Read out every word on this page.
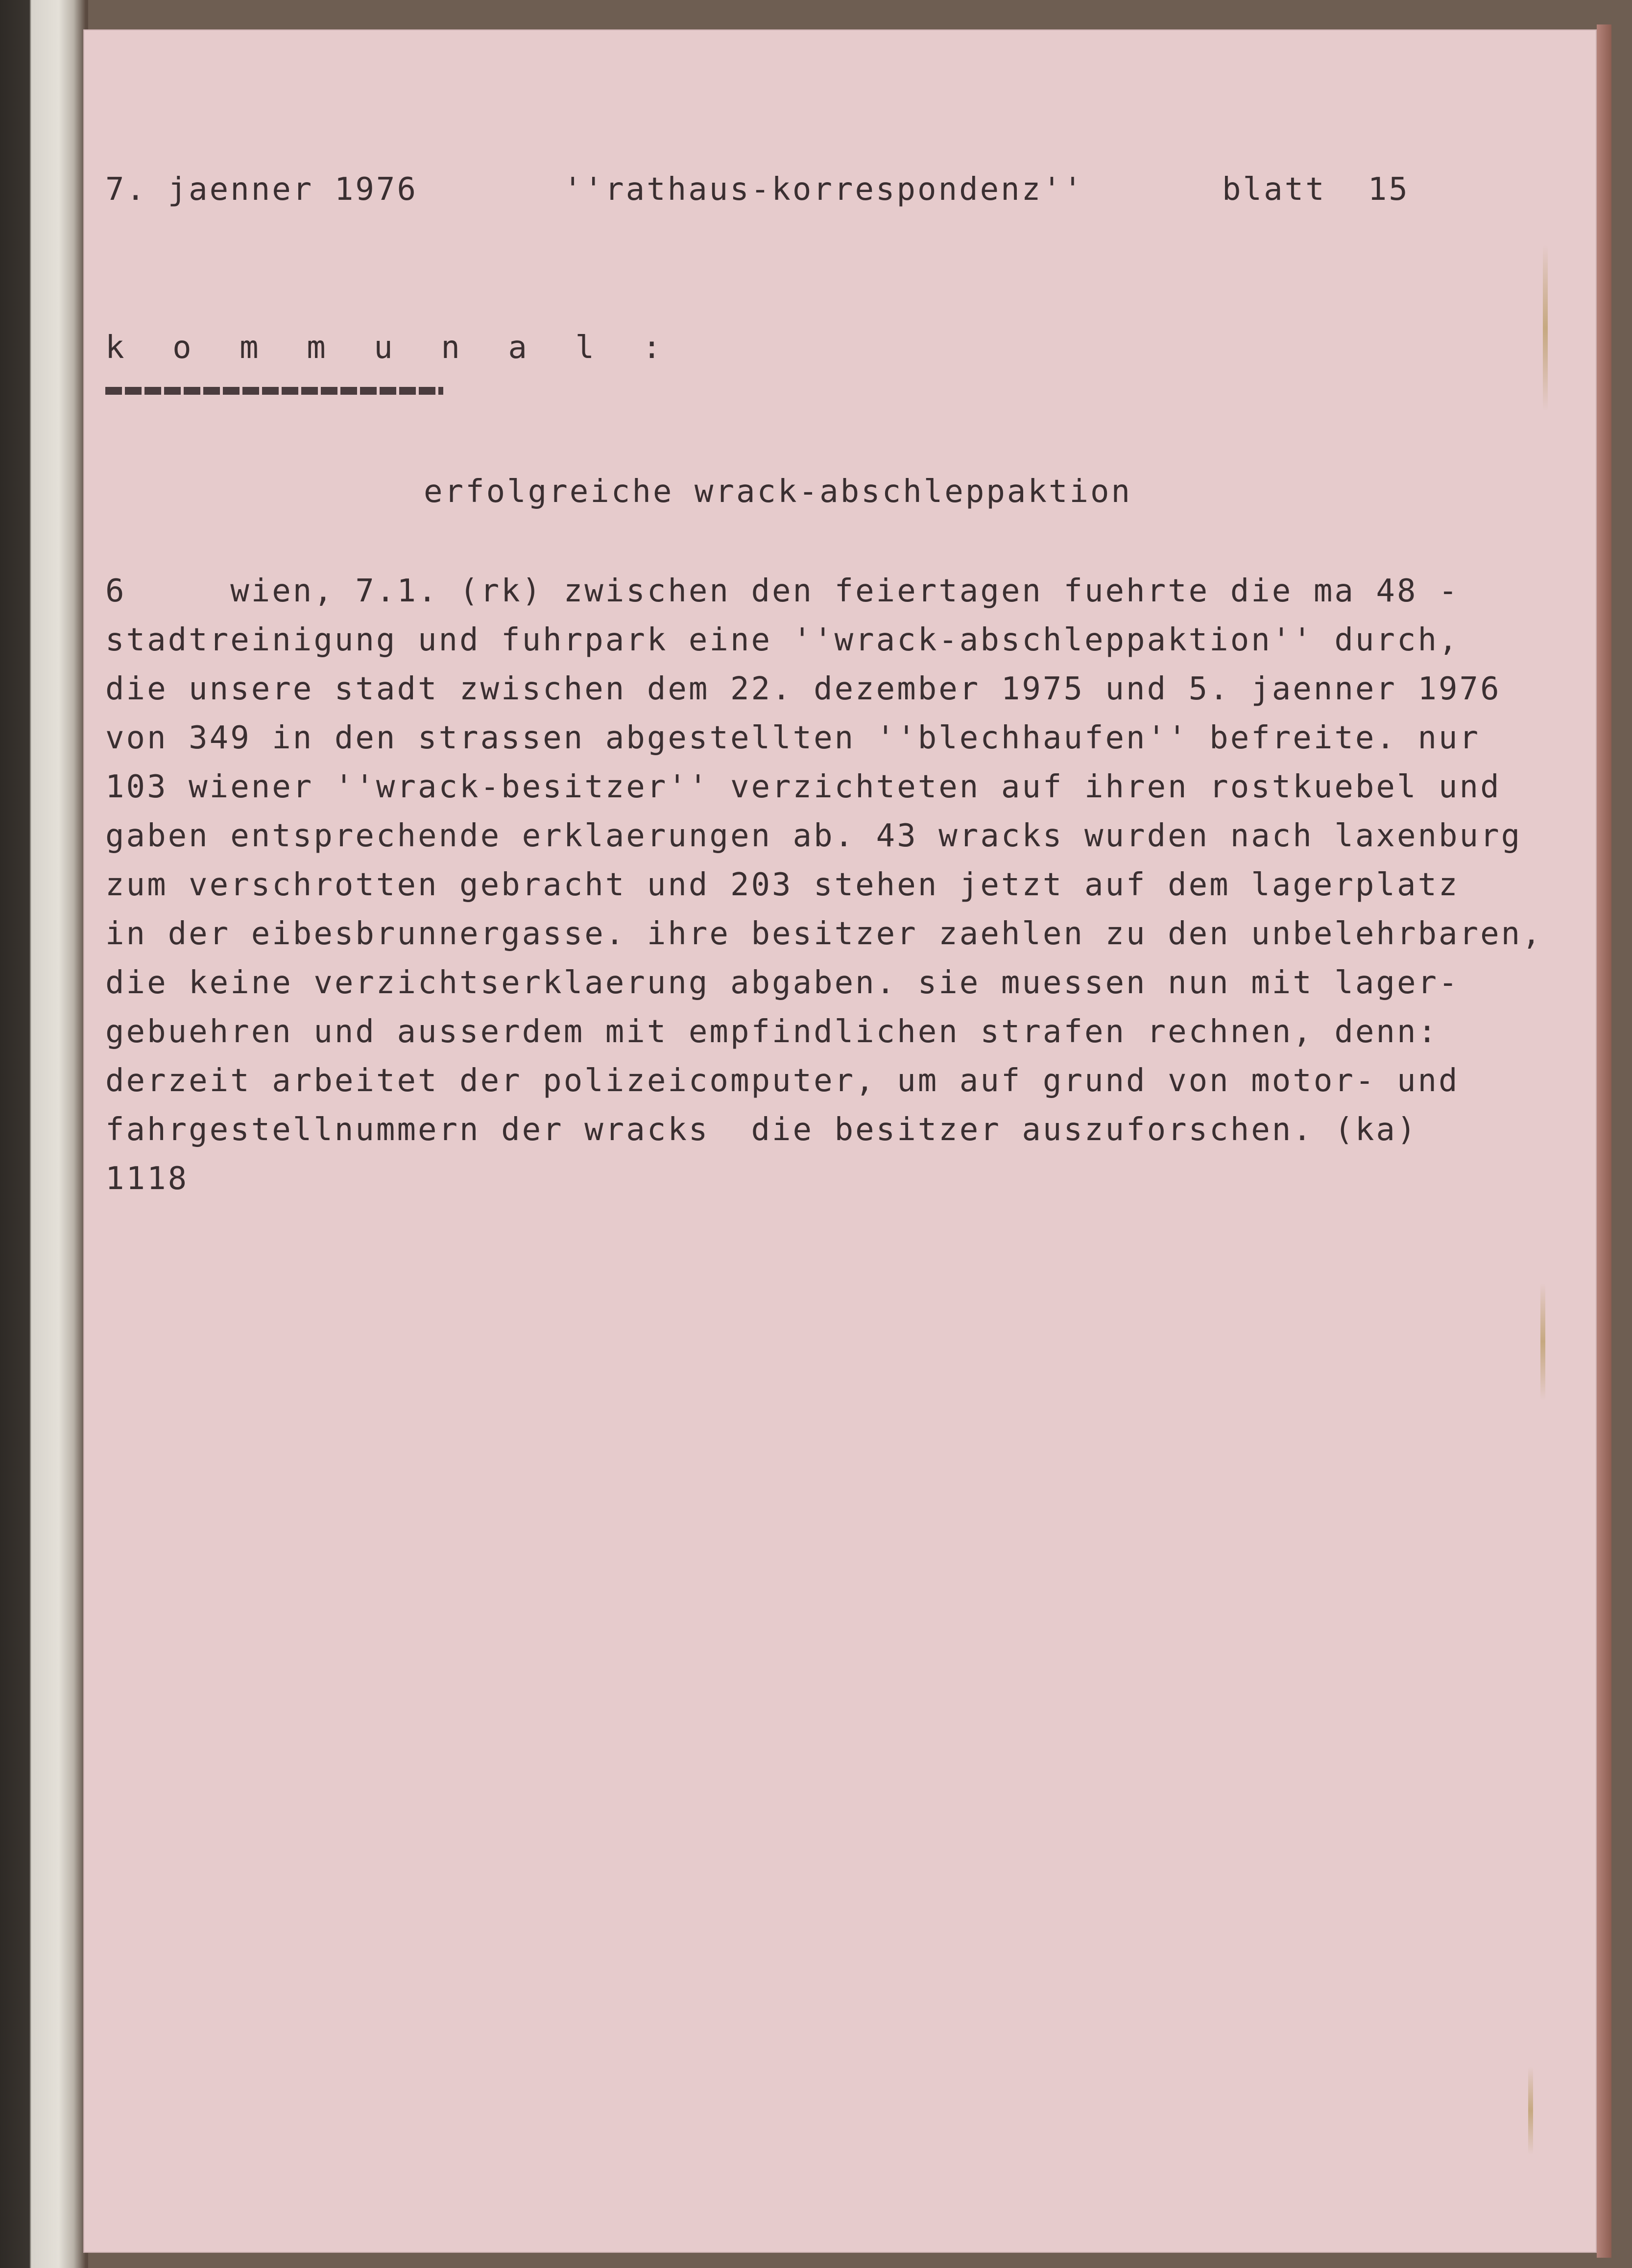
7. jaenner 1976	''rathaus-korrespondenz''	blatt  15
k o m m u n a l :
erfolgreiche wrack-abschleppaktion

6     wien, 7.1. (rk) zwischen den feiertagen fuehrte die ma 48 -

stadtreinigung und fuhrpark eine ''wrack-abschleppaktion'' durch,

die unsere stadt zwischen dem 22. dezember 1975 und 5. jaenner 1976

von 349 in den strassen abgestellten ''blechhaufen'' befreite. nur

103 wiener ''wrack-besitzer'' verzichteten auf ihren rostkuebel und

gaben entsprechende erklaerungen ab. 43 wracks wurden nach laxenburg

zum verschrotten gebracht und 203 stehen jetzt auf dem lagerplatz

in der eibesbrunnergasse. ihre besitzer zaehlen zu den unbelehrbaren,

die keine verzichtserklaerung abgaben. sie muessen nun mit lager-

gebuehren und ausserdem mit empfindlichen strafen rechnen, denn:

derzeit arbeitet der polizeicomputer, um auf grund von motor- und

fahrgestellnummern der wracks  die besitzer auszuforschen. (ka)

1118
